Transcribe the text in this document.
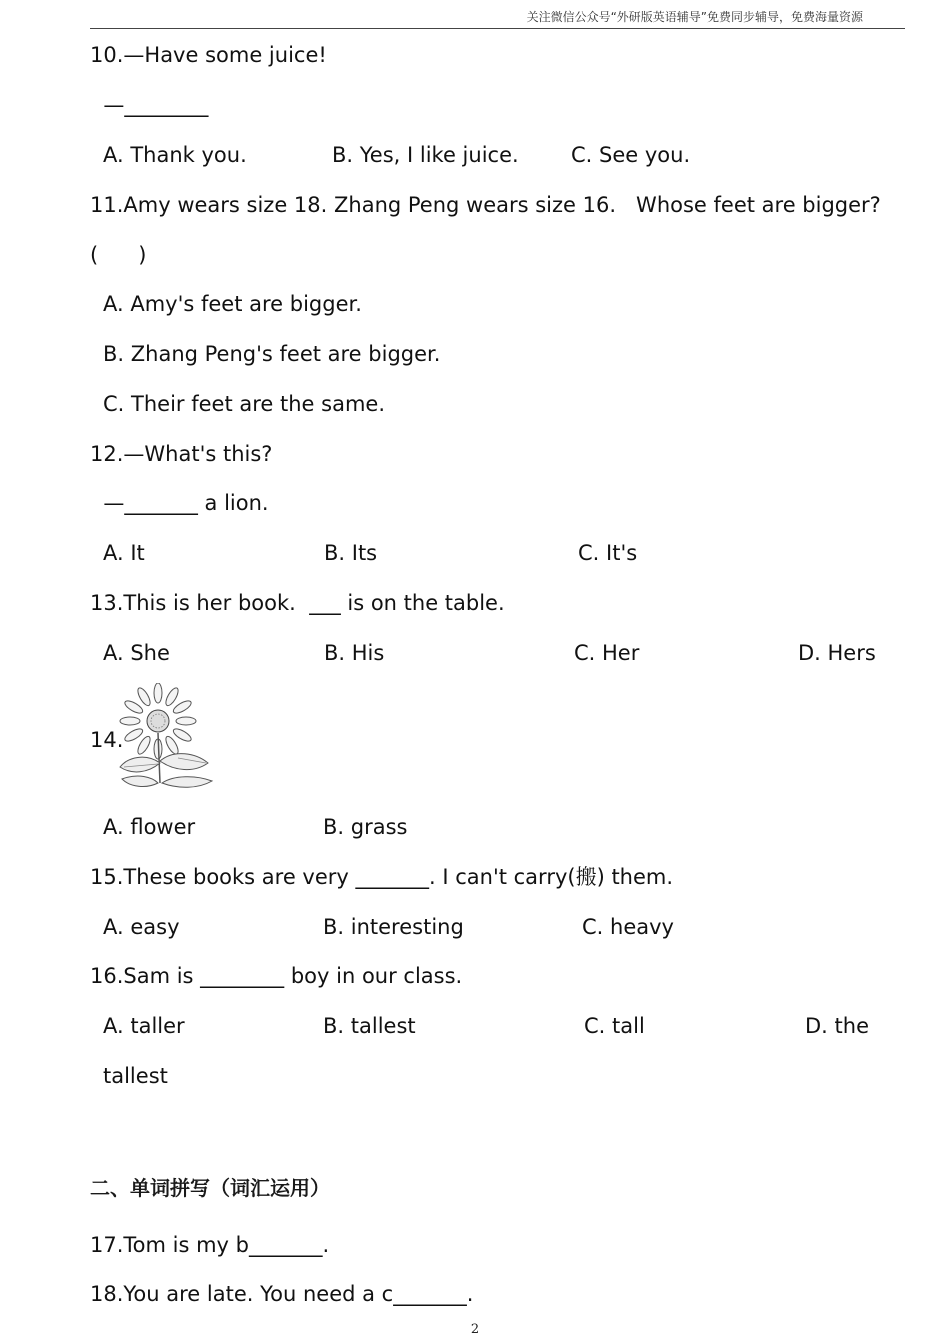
关注微信公众号“外研版英语辅导”免费同步辅导，免费海量资源
10.—Have some juice!
—________
A. Thank you.	B. Yes, I like juice. C. See you.
11.Amy wears size 18. Zhang Peng wears size 16.   Whose feet are bigger?
(      )
A. Amy's feet are bigger.
B. Zhang Peng's feet are bigger.
C. Their feet are the same.
12.—What's this?
—_______ a lion.
A. It	B. Its	C. It's
13.This is her book.  ___ is on the table.
A. She	B. His	C. Her	D. Hers
14.
A. flower	B. grass
15.These books are very _______. I can't carry(搬) them.
A. easy	B. interesting	C. heavy
16.Sam is ________ boy in our class.
A. taller	B. tallest	C. tall	D. the
tallest
二、单词拼写（词汇运用）
17.Tom is my b_______.
18.You are late. You need a c_______.
2
